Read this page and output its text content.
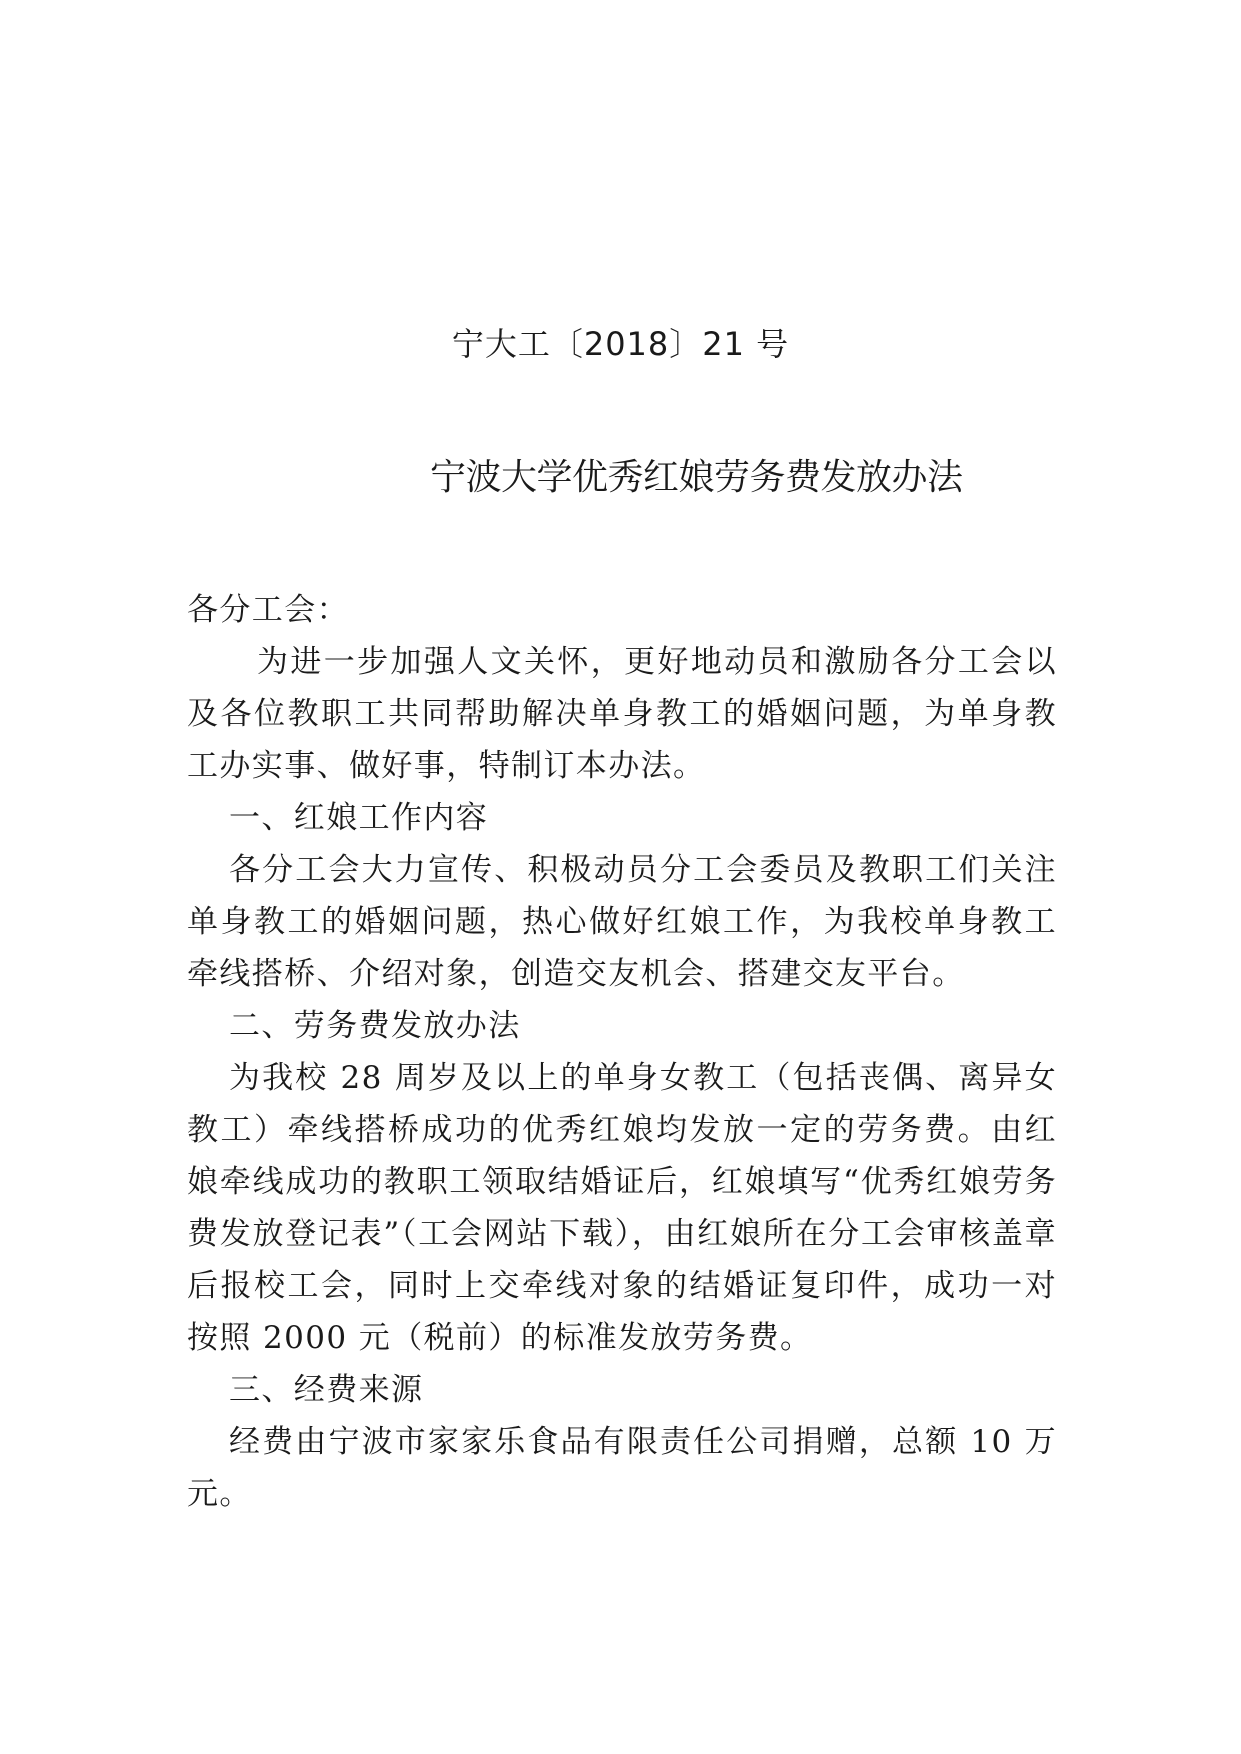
宁大工〔2018〕21 号
宁波大学优秀红娘劳务费发放办法
各分工会：
为进一步加强人文关怀，更好地动员和激励各分工会以及各位教职工共同帮助解决单身教工的婚姻问题，为单身教工办实事、做好事，特制订本办法。
一、红娘工作内容
各分工会大力宣传、积极动员分工会委员及教职工们关注单身教工的婚姻问题，热心做好红娘工作，为我校单身教工牵线搭桥、介绍对象，创造交友机会、搭建交友平台。
二、劳务费发放办法
为我校 28 周岁及以上的单身女教工（包括丧偶、离异女教工）牵线搭桥成功的优秀红娘均发放一定的劳务费。由红娘牵线成功的教职工领取结婚证后，红娘填写“优秀红娘劳务费发放登记表”（工会网站下载），由红娘所在分工会审核盖章后报校工会，同时上交牵线对象的结婚证复印件，成功一对按照 2000 元（税前）的标准发放劳务费。
三、经费来源
经费由宁波市家家乐食品有限责任公司捐赠，总额 10 万元。
